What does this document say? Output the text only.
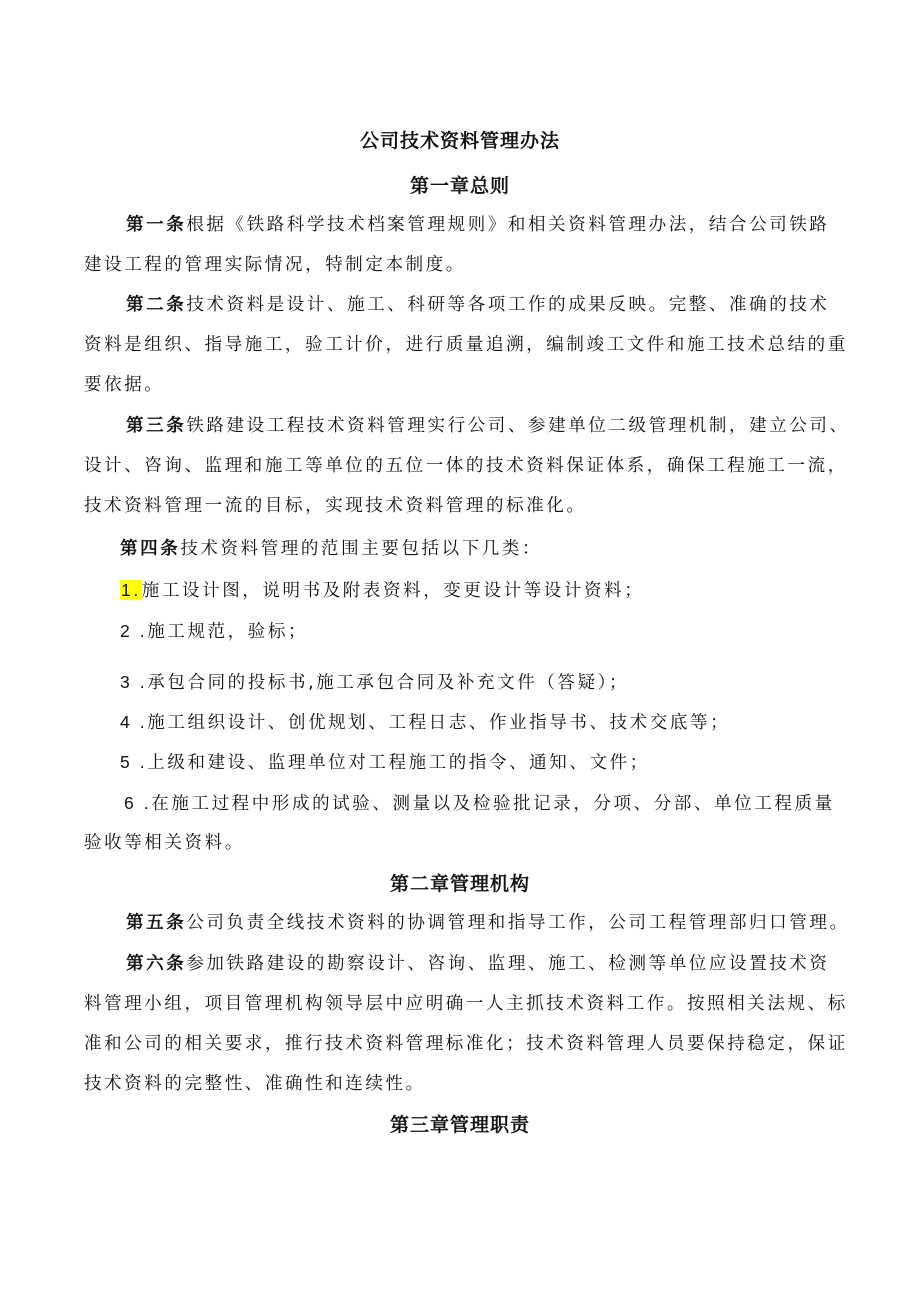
公司技术资料管理办法
第一章总则
第一条根据《铁路科学技术档案管理规则》和相关资料管理办法，结合公司铁路
建设工程的管理实际情况，特制定本制度。
第二条技术资料是设计、施工、科研等各项工作的成果反映。完整、准确的技术
资料是组织、指导施工，验工计价，进行质量追溯，编制竣工文件和施工技术总结的重
要依据。
第三条铁路建设工程技术资料管理实行公司、参建单位二级管理机制，建立公司、
设计、咨询、监理和施工等单位的五位一体的技术资料保证体系，确保工程施工一流，
技术资料管理一流的目标，实现技术资料管理的标准化。
第四条技术资料管理的范围主要包括以下几类：
1.施工设计图，说明书及附表资料，变更设计等设计资料；
2 .施工规范，验标；
3 .承包合同的投标书,施工承包合同及补充文件（答疑）；
4 .施工组织设计、创优规划、工程日志、作业指导书、技术交底等；
5 .上级和建设、监理单位对工程施工的指令、通知、文件；
6 .在施工过程中形成的试验、测量以及检验批记录，分项、分部、单位工程质量
验收等相关资料。
第二章管理机构
第五条公司负责全线技术资料的协调管理和指导工作，公司工程管理部归口管理。
第六条参加铁路建设的勘察设计、咨询、监理、施工、检测等单位应设置技术资
料管理小组，项目管理机构领导层中应明确一人主抓技术资料工作。按照相关法规、标
准和公司的相关要求，推行技术资料管理标准化；技术资料管理人员要保持稳定，保证
技术资料的完整性、准确性和连续性。
第三章管理职责
